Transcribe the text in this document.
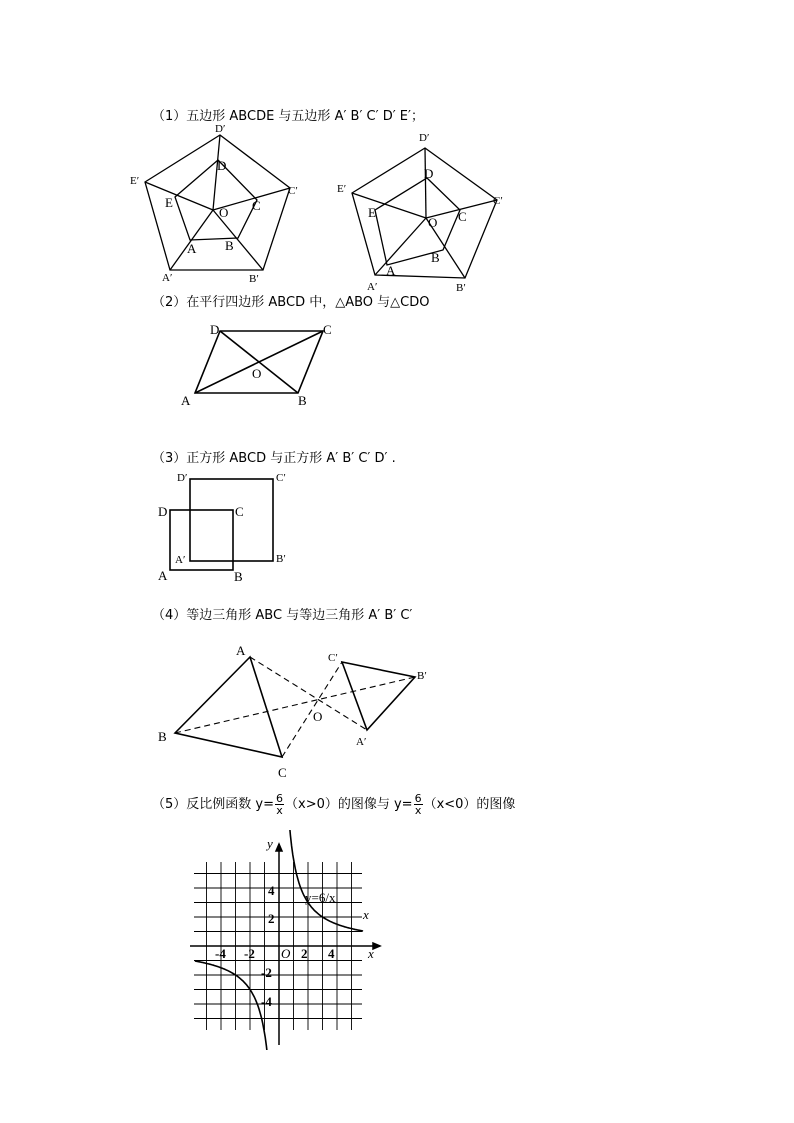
（1）五边形 ABCDE 与五边形 A′ B′ C′ D′ E′；
D′
E′
C′
B′
A′
D
E	C
B
A
O
D′
E′
C′
B′
A′
D
E	C
B
A
O
（2）在平行四边形 ABCD 中，△ABO 与△CDO
A	B
C
D
O
（3）正方形 ABCD 与正方形 A′ B′ C′ D′ .
D	C
A	B
D′	C′
A′	B′
（4）等边三角形 ABC 与等边三角形 A′ B′ C′
A
B
C
O
C′
B′
A′
（5）反比例函数 $y= \frac{6}{x} (x>0)$的图像与 $y= \frac{6}{x} (x<0)$的图像
y
x
x
O
-4 -2	2 4
4
2
-2
-4
y=6/x
